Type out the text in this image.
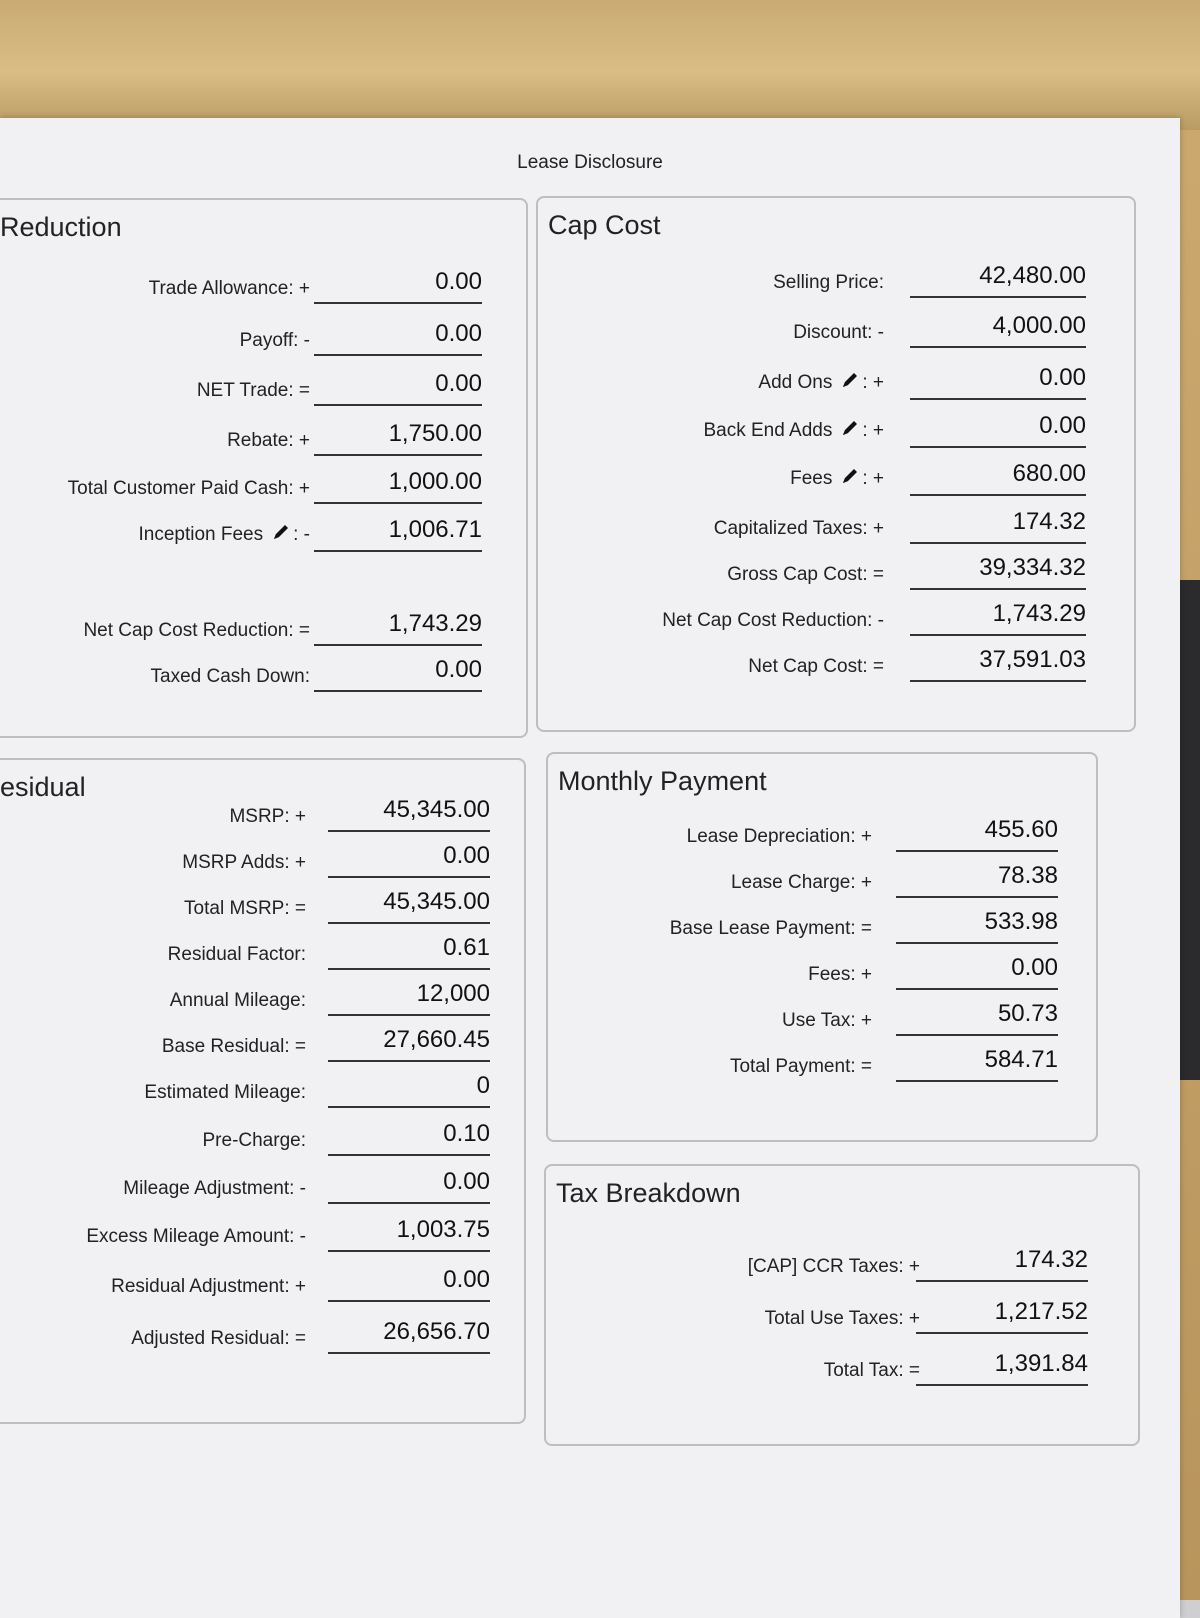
Lease Disclosure
Reduction
Trade Allowance: +	0.00
Payoff: -	0.00
NET Trade: =	0.00
Rebate: +	1,750.00
Total Customer Paid Cash: +	1,000.00
Inception Fees : -	1,006.71
Net Cap Cost Reduction: =	1,743.29
Taxed Cash Down:	0.00
Cap Cost
Selling Price:	42,480.00
Discount: -	4,000.00
Add Ons : +	0.00
Back End Adds : +	0.00
Fees : +	680.00
Capitalized Taxes: +	174.32
Gross Cap Cost: =	39,334.32
Net Cap Cost Reduction: -	1,743.29
Net Cap Cost: =	37,591.03
esidual
MSRP: +	45,345.00
MSRP Adds: +	0.00
Total MSRP: =	45,345.00
Residual Factor:	0.61
Annual Mileage:	12,000
Base Residual: =	27,660.45
Estimated Mileage:	0
Pre-Charge:	0.10
Mileage Adjustment: -	0.00
Excess Mileage Amount: -	1,003.75
Residual Adjustment: +	0.00
Adjusted Residual: =	26,656.70
Monthly Payment
Lease Depreciation: +	455.60
Lease Charge: +	78.38
Base Lease Payment: =	533.98
Fees: +	0.00
Use Tax: +	50.73
Total Payment: =	584.71
Tax Breakdown
[CAP] CCR Taxes: +	174.32
Total Use Taxes: +	1,217.52
Total Tax: =	1,391.84
